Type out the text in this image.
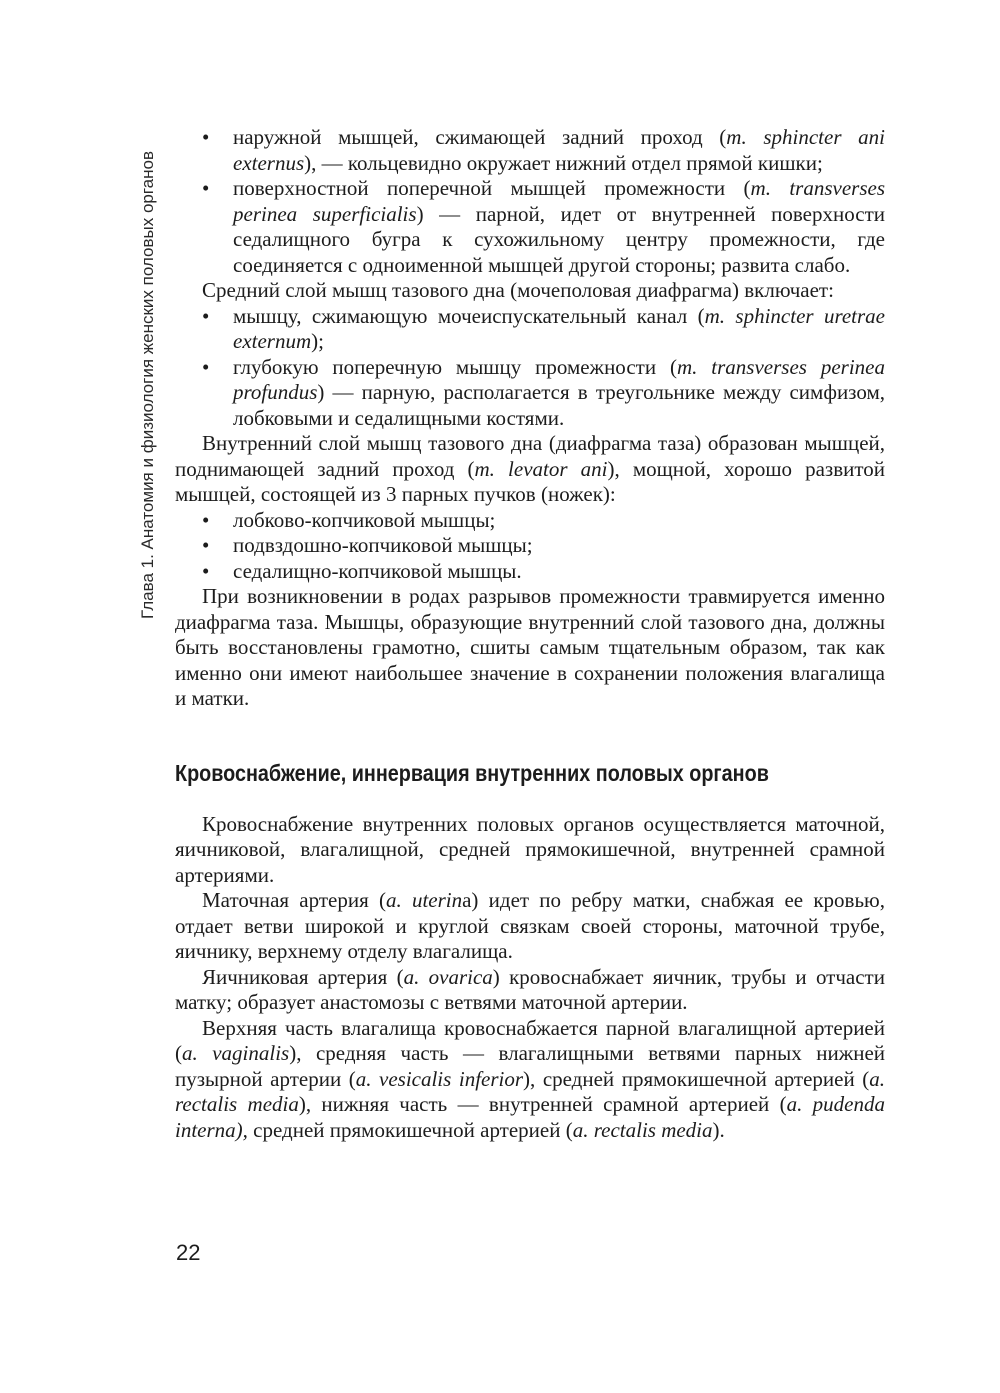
Глава 1. Анатомия и физиология женских половых органов
• наружной мышцей, сжимающей задний проход (m. sphincter ani externus), — кольцевидно окружает нижний отдел прямой кишки;
• поверхностной поперечной мышцей промежности (m. transverses perinea superficialis) — парной, идет от внутренней поверхности седалищного бугра к сухожильному центру промежности, где соединяется с одноименной мышцей другой стороны; развита слабо.

Средний слой мышц тазового дна (мочеполовая диафрагма) включает:

• мышцу, сжимающую мочеиспускательный канал (m. sphincter uretrae externum);
• глубокую поперечную мышцу промежности (m. transverses perinea profundus) — парную, располагается в треугольнике между симфизом, лобковыми и седалищными костями.

Внутренний слой мышц тазового дна (диафрагма таза) образован мышцей, поднимающей задний проход (m. levator ani), мощной, хорошо развитой мышцей, состоящей из 3 парных пучков (ножек):

• лобково-копчиковой мышцы;
• подвздошно-копчиковой мышцы;
• седалищно-копчиковой мышцы.

При возникновении в родах разрывов промежности травмируется именно диафрагма таза. Мышцы, образующие внутренний слой тазового дна, должны быть восстановлены грамотно, сшиты самым тщательным образом, так как именно они имеют наибольшее значение в сохранении положения влагалища и матки.

Кровоснабжение, иннервация внутренних половых органов

Кровоснабжение внутренних половых органов осуществляется маточной, яичниковой, влагалищной, средней прямокишечной, внутренней срамной артериями.

Маточная артерия (a. uterina) идет по ребру матки, снабжая ее кровью, отдает ветви широкой и круглой связкам своей стороны, маточной трубе, яичнику, верхнему отделу влагалища.

Яичниковая артерия (a. ovarica) кровоснабжает яичник, трубы и отчасти матку; образует анастомозы с ветвями маточной артерии.

Верхняя часть влагалища кровоснабжается парной влагалищной артерией (a. vaginalis), средняя часть — влагалищными ветвями парных нижней пузырной артерии (a. vesicalis inferior), средней прямокишечной артерией (a. rectalis media), нижняя часть — внутренней срамной артерией (a. pudenda interna), средней прямокишечной артерией (a. rectalis media).

22
